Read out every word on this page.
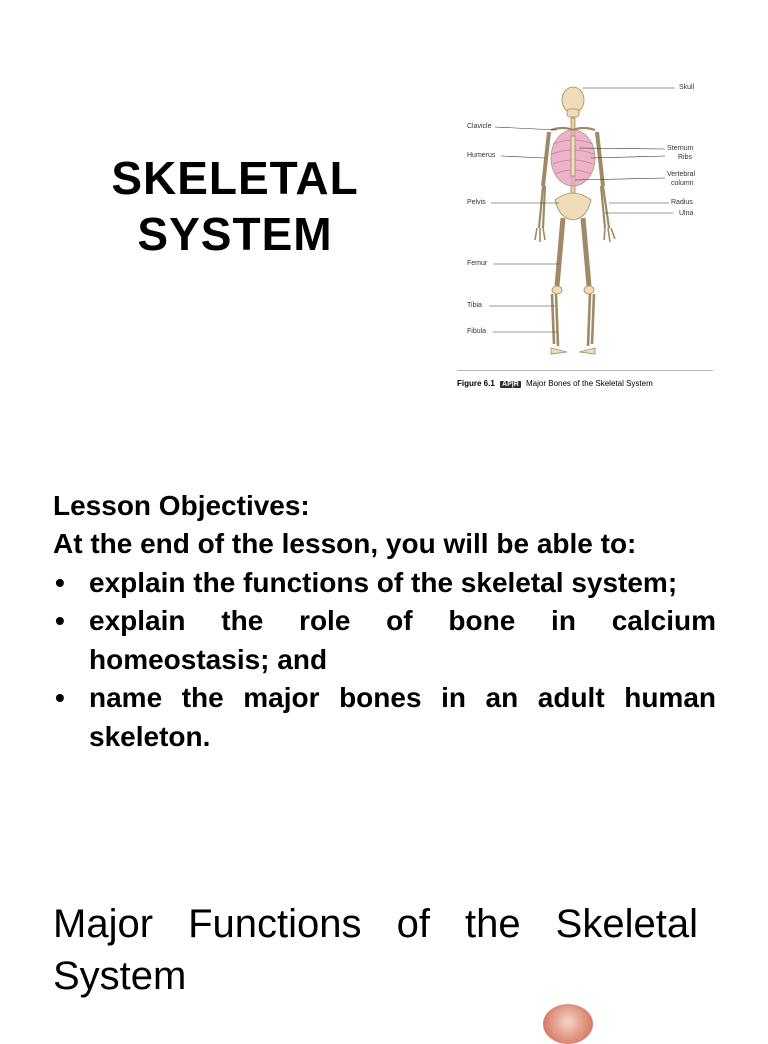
SKELETAL
SYSTEM
Skull
Clavicle
Sternum
Ribs
Humerus
Vertebral
column
Pelvis	Radius
Ulna
Femur
Tibia
Fibula
Figure 6.1 AP|R Major Bones of the Skeletal System
Lesson Objectives:

At the end of the lesson, you will be able to:

• explain the functions of the skeletal system;
• explain the role of bone in calcium homeostasis; and
• name the major bones in an adult human skeleton.
Major Functions of the Skeletal System
